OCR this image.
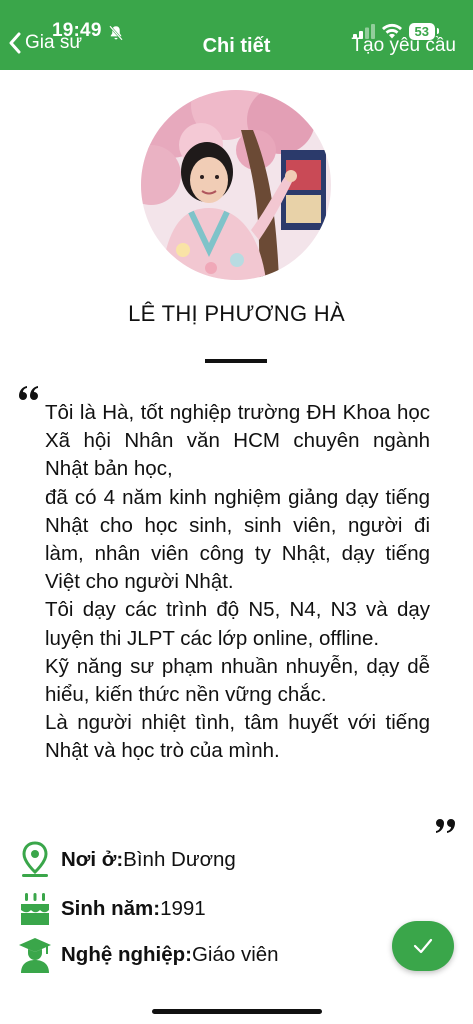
19:49	53
Gia sư	Chi tiết	Tạo yêu cầu
LÊ THỊ PHƯƠNG HÀ

Tôi là Hà, tốt nghiệp trường ĐH Khoa học Xã hội Nhân văn HCM chuyên ngành Nhật bản học,

đã có 4 năm kinh nghiệm giảng dạy tiếng Nhật cho học sinh, sinh viên, người đi làm, nhân viên công ty Nhật, dạy tiếng Việt cho người Nhật.

Tôi dạy các trình độ N5, N4, N3 và dạy luyện thi JLPT các lớp online, offline.

Kỹ năng sư phạm nhuần nhuyễn, dạy dễ hiểu, kiến thức nền vững chắc.

Là người nhiệt tình, tâm huyết với tiếng Nhật và học trò của mình.

Nơi ở: Bình Dương
Sinh năm: 1991
Nghệ nghiệp: Giáo viên
